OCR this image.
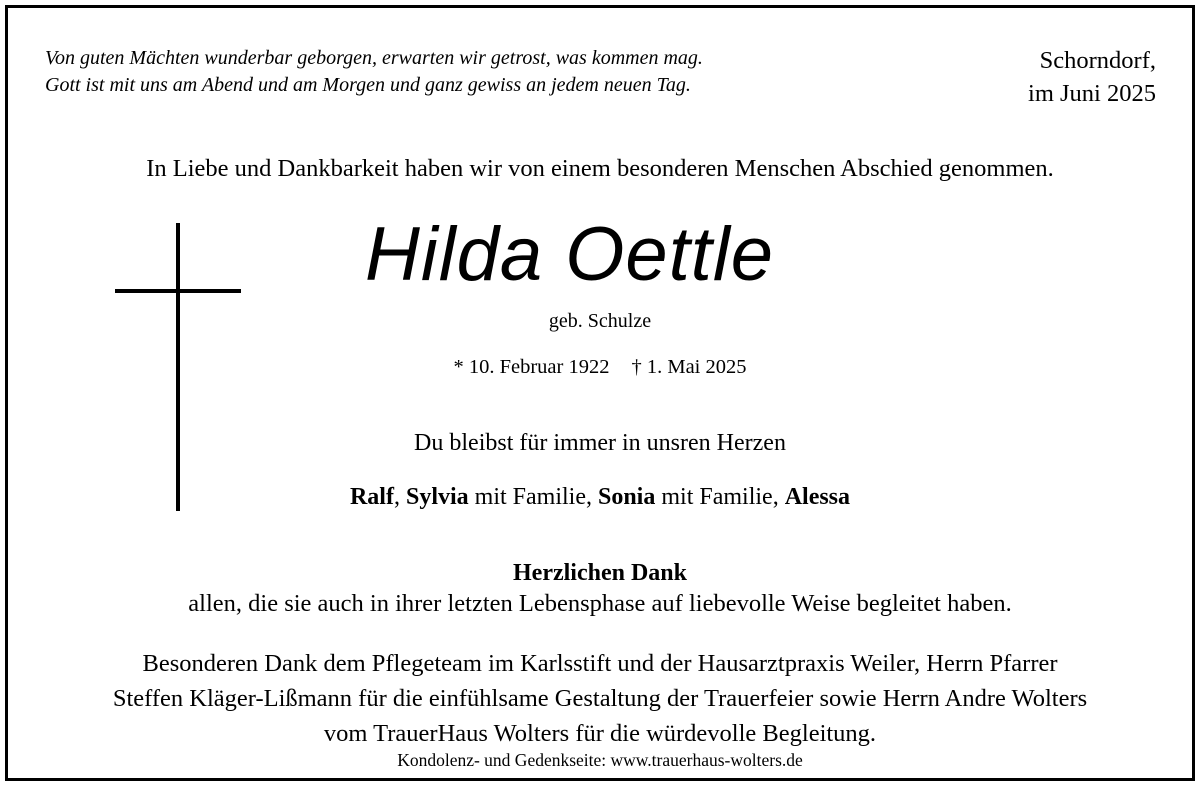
Von guten Mächten wunderbar geborgen, erwarten wir getrost, was kommen mag.
Gott ist mit uns am Abend und am Morgen und ganz gewiss an jedem neuen Tag.
Schorndorf,
im Juni 2025
In Liebe und Dankbarkeit haben wir von einem besonderen Menschen Abschied genommen.
Hilda Oettle
geb. Schulze
* 10. Februar 1922 † 1. Mai 2025
Du bleibst für immer in unsren Herzen
Ralf, Sylvia mit Familie, Sonia mit Familie, Alessa
Herzlichen Dank
allen, die sie auch in ihrer letzten Lebensphase auf liebevolle Weise begleitet haben.
Besonderen Dank dem Pflegeteam im Karlsstift und der Hausarztpraxis Weiler, Herrn Pfarrer
Steffen Kläger-Lißmann für die einfühlsame Gestaltung der Trauerfeier sowie Herrn Andre Wolters
vom TrauerHaus Wolters für die würdevolle Begleitung.
Kondolenz- und Gedenkseite: www.trauerhaus-wolters.de
